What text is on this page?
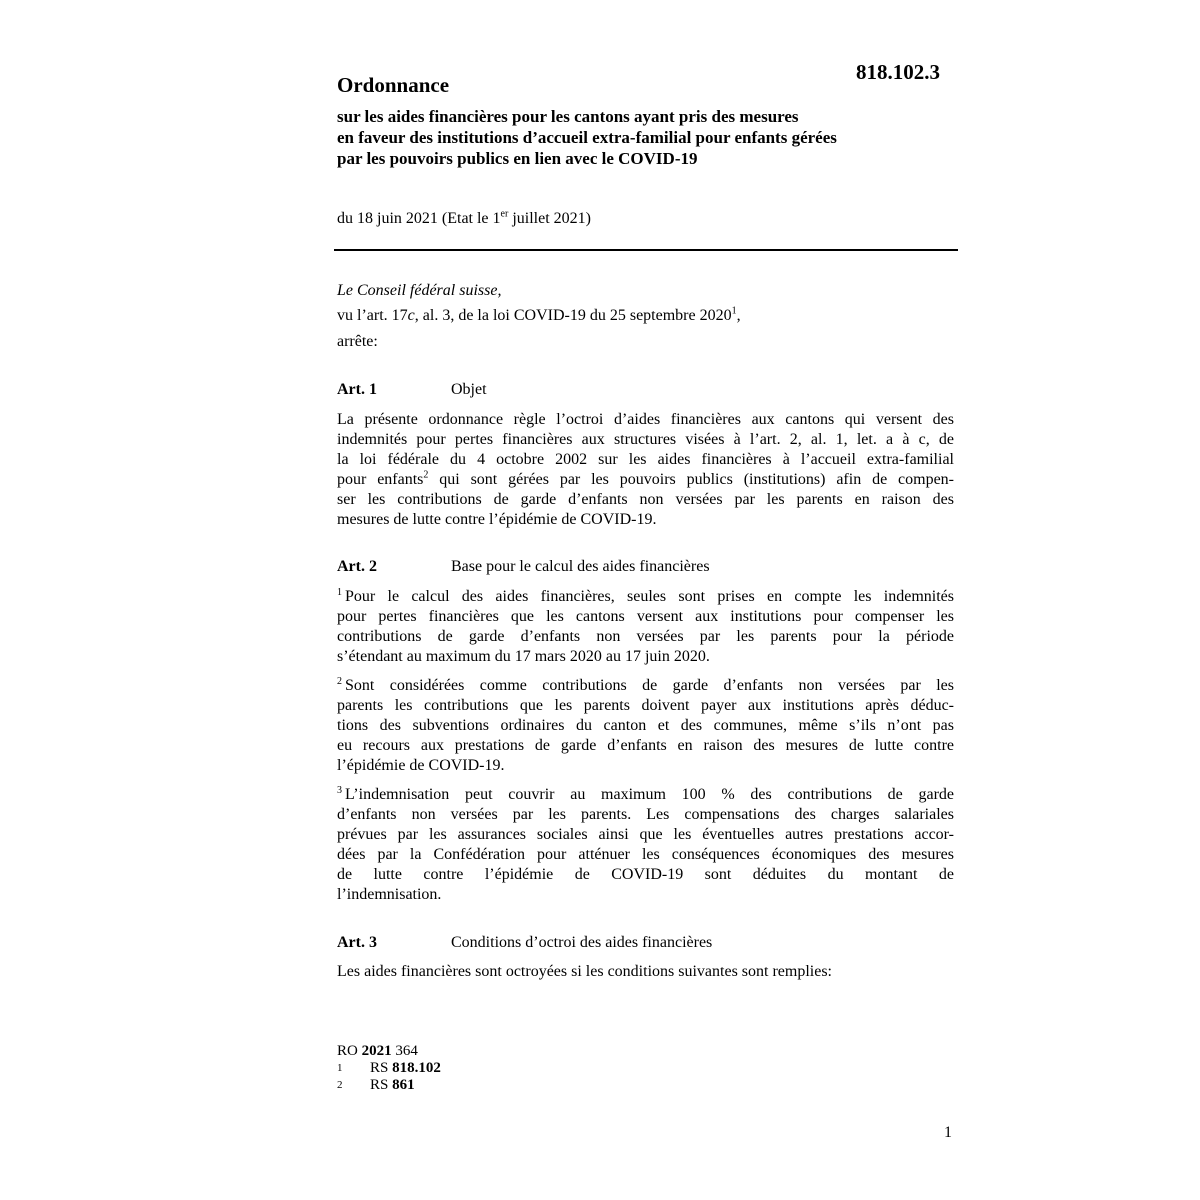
818.102.3
Ordonnance
sur les aides financières pour les cantons ayant pris des mesures
en faveur des institutions d’accueil extra-familial pour enfants gérées
par les pouvoirs publics en lien avec le COVID-19
du 18 juin 2021 (Etat le 1er juillet 2021)
Le Conseil fédéral suisse,
vu l’art. 17c, al. 3, de la loi COVID-19 du 25 septembre 2020$^1$,
arrête:
Art. 1	Objet
La présente ordonnance règle l’octroi d’aides financières aux cantons qui versent des
indemnités pour pertes financières aux structures visées à l’art. 2, al. 1, let. a à c, de
la loi fédérale du 4 octobre 2002 sur les aides financières à l’accueil extra-familial
pour enfants$^2$ qui sont gérées par les pouvoirs publics (institutions) afin de compen-
ser les contributions de garde d’enfants non versées par les parents en raison des
mesures de lutte contre l’épidémie de COVID-19.
Art. 2	Base pour le calcul des aides financières
$^1$ Pour le calcul des aides financières, seules sont prises en compte les indemnités
pour pertes financières que les cantons versent aux institutions pour compenser les
contributions de garde d’enfants non versées par les parents pour la période
s’étendant au maximum du 17 mars 2020 au 17 juin 2020.
$^2$ Sont considérées comme contributions de garde d’enfants non versées par les
parents les contributions que les parents doivent payer aux institutions après déduc-
tions des subventions ordinaires du canton et des communes, même s’ils n’ont pas
eu recours aux prestations de garde d’enfants en raison des mesures de lutte contre
l’épidémie de COVID-19.
$^3$ L’indemnisation peut couvrir au maximum 100 % des contributions de garde
d’enfants non versées par les parents. Les compensations des charges salariales
prévues par les assurances sociales ainsi que les éventuelles autres prestations accor-
dées par la Confédération pour atténuer les conséquences économiques des mesures
de lutte contre l’épidémie de COVID-19 sont déduites du montant de
l’indemnisation.
Art. 3	Conditions d’octroi des aides financières
Les aides financières sont octroyées si les conditions suivantes sont remplies:
RO 2021 364
1 RS 818.102
2 RS 861
1
